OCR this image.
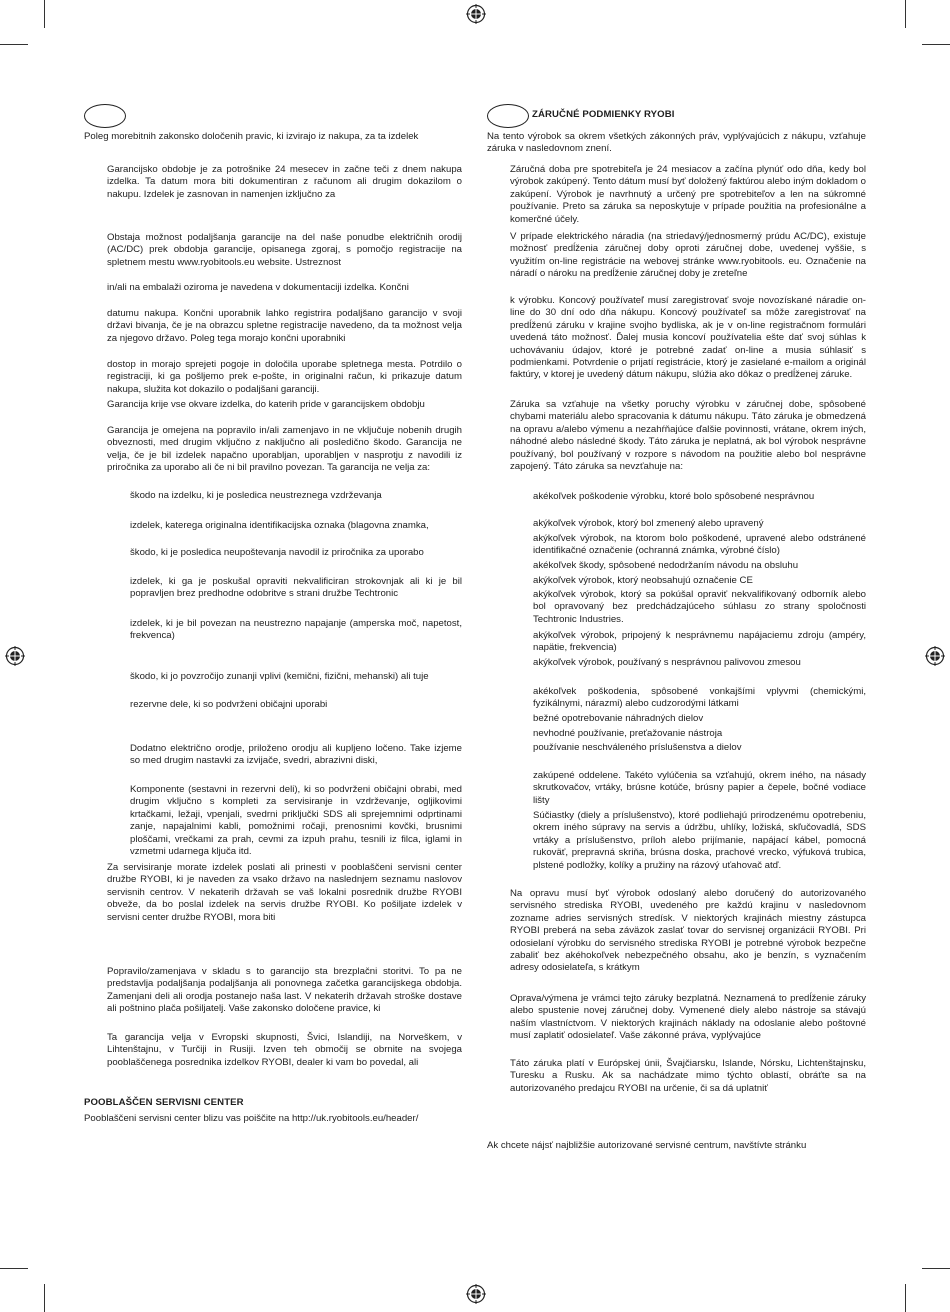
Poleg morebitnih zakonsko določenih pravic, ki izvirajo iz nakupa, za ta izdelek

Garancijsko obdobje je za potrošnike 24 mesecev in začne teči z dnem nakupa izdelka. Ta datum mora biti dokumentiran z računom ali drugim dokazilom o nakupu. Izdelek je zasnovan in namenjen izključno za

Obstaja možnost podaljšanja garancije na del naše ponudbe električnih orodij (AC/DC) prek obdobja garancije, opisanega zgoraj, s pomočjo registracije na spletnem mestu www.ryobitools.eu website. Ustreznost

in/ali na embalaži oziroma je navedena v dokumentaciji izdelka. Končni

datumu nakupa. Končni uporabnik lahko registrira podaljšano garancijo v svoji državi bivanja, če je na obrazcu spletne registracije navedeno, da ta možnost velja za njegovo državo. Poleg tega morajo končni uporabniki

dostop in morajo sprejeti pogoje in določila uporabe spletnega mesta. Potrdilo o registraciji, ki ga pošljemo prek e-pošte, in originalni račun, ki prikazuje datum nakupa, služita kot dokazilo o podaljšani garanciji.

Garancija krije vse okvare izdelka, do katerih pride v garancijskem obdobju

Garancija je omejena na popravilo in/ali zamenjavo in ne vključuje nobenih drugih obveznosti, med drugim vključno z naključno ali posledično škodo. Garancija ne velja, če je bil izdelek napačno uporabljan, uporabljen v nasprotju z navodili iz priročnika za uporabo ali če ni bil pravilno povezan. Ta garancija ne velja za:

škodo na izdelku, ki je posledica neustreznega vzdrževanja

izdelek, katerega originalna identifikacijska oznaka (blagovna znamka,

škodo, ki je posledica neupoštevanja navodil iz priročnika za uporabo

izdelek, ki ga je poskušal opraviti nekvalificiran strokovnjak ali ki je bil popravljen brez predhodne odobritve s strani družbe Techtronic

izdelek, ki je bil povezan na neustrezno napajanje (amperska moč, napetost, frekvenca)

škodo, ki jo povzročijo zunanji vplivi (kemični, fizični, mehanski) ali tuje

rezervne dele, ki so podvrženi običajni uporabi

Dodatno električno orodje, priloženo orodju ali kupljeno ločeno. Take izjeme so med drugim nastavki za izvijače, svedri, abrazivni diski,

Komponente (sestavni in rezervni deli), ki so podvrženi običajni obrabi, med drugim vključno s kompleti za servisiranje in vzdrževanje, ogljikovimi krtačkami, ležaji, vpenjali, svedrni priključki SDS ali sprejemnimi odprtinami zanje, napajalnimi kabli, pomožnimi ročaji, prenosnimi kovčki, brusnimi ploščami, vrečkami za prah, cevmi za izpuh prahu, tesnili iz filca, iglami in vzmetmi udarnega ključa itd.

Za servisiranje morate izdelek poslati ali prinesti v pooblaščeni servisni center družbe RYOBI, ki je naveden za vsako državo na naslednjem seznamu naslovov servisnih centrov. V nekaterih državah se vaš lokalni posrednik družbe RYOBI obveže, da bo poslal izdelek na servis družbe RYOBI. Ko pošiljate izdelek v servisni center družbe RYOBI, mora biti

Popravilo/zamenjava v skladu s to garancijo sta brezplačni storitvi. To pa ne predstavlja podaljšanja podaljšanja ali ponovnega začetka garancijskega obdobja. Zamenjani deli ali orodja postanejo naša last. V nekaterih državah stroške dostave ali poštnino plača pošiljatelj. Vaše zakonsko določene pravice, ki

Ta garancija velja v Evropski skupnosti, Švici, Islandiji, na Norveškem, v Lihtenštajnu, v Turčiji in Rusiji. Izven teh območij se obrnite na svojega pooblaščenega posrednika izdelkov RYOBI, dealer ki vam bo povedal, ali

POOBLAŠČEN SERVISNI CENTER
Pooblaščeni servisni center blizu vas poiščite na http://uk.ryobitools.eu/header/
ZÁRUČNÉ PODMIENKY RYOBI

Na tento výrobok sa okrem všetkých zákonných práv, vyplývajúcich z nákupu, vzťahuje záruka v nasledovnom znení.

Záručná doba pre spotrebiteľa je 24 mesiacov a začína plynúť odo dňa, kedy bol výrobok zakúpený. Tento dátum musí byť doložený faktúrou alebo iným dokladom o zakúpení. Výrobok je navrhnutý a určený pre spotrebiteľov a len na súkromné používanie. Preto sa záruka sa neposkytuje v prípade použitia na profesionálne a komerčné účely.

V prípade elektrického náradia (na striedavý/jednosmerný prúdu AC/DC), existuje možnosť predĺženia záručnej doby oproti záručnej dobe, uvedenej vyššie, s využitím on-line registrácie na webovej stránke www.ryobitools. eu. Označenie na náradí o nároku na predĺženie záručnej doby je zreteľne

k výrobku. Koncový používateľ musí zaregistrovať svoje novozískané náradie on-line do 30 dní odo dňa nákupu. Koncový používateľ sa môže zaregistrovať na predĺženú záruku v krajine svojho bydliska, ak je v on-line registračnom formulári uvedená táto možnosť. Ďalej musia koncoví používatelia ešte dať svoj súhlas k uchovávaniu údajov, ktoré je potrebné zadať on-line a musia súhlasiť s podmienkami. Potvrdenie o prijatí registrácie, ktorý je zasielané e-mailom a originál faktúry, v ktorej je uvedený dátum nákupu, slúžia ako dôkaz o predĺženej záruke.

Záruka sa vzťahuje na všetky poruchy výrobku v záručnej dobe, spôsobené chybami materiálu alebo spracovania k dátumu nákupu. Táto záruka je obmedzená na opravu a/alebo výmenu a nezahŕňajúce ďalšie povinnosti, vrátane, okrem iných, náhodné alebo následné škody. Táto záruka je neplatná, ak bol výrobok nesprávne používaný, bol používaný v rozpore s návodom na použitie alebo bol nesprávne zapojený. Táto záruka sa nevzťahuje na:

akékoľvek poškodenie výrobku, ktoré bolo spôsobené nesprávnou

akýkoľvek výrobok, ktorý bol zmenený alebo upravený

akýkoľvek výrobok, na ktorom bolo poškodené, upravené alebo odstránené identifikačné označenie (ochranná známka, výrobné číslo)

akékoľvek škody, spôsobené nedodržaním návodu na obsluhu

akýkoľvek výrobok, ktorý neobsahujú označenie CE

akýkoľvek výrobok, ktorý sa pokúšal opraviť nekvalifikovaný odborník alebo bol opravovaný bez predchádzajúceho súhlasu zo strany spoločnosti Techtronic Industries.

akýkoľvek výrobok, pripojený k nesprávnemu napájaciemu zdroju (ampéry, napätie, frekvencia)

akýkoľvek výrobok, používaný s nesprávnou palivovou zmesou

akékoľvek poškodenia, spôsobené vonkajšími vplyvmi (chemickými, fyzikálnymi, nárazmi) alebo cudzorodými látkami

bežné opotrebovanie náhradných dielov

nevhodné používanie, preťažovanie nástroja

používanie neschváleného príslušenstva a dielov

zakúpené oddelene. Takéto vylúčenia sa vzťahujú, okrem iného, na násady skrutkovačov, vrtáky, brúsne kotúče, brúsny papier a čepele, bočné vodiace lišty

Súčiastky (diely a príslušenstvo), ktoré podliehajú prirodzenému opotrebeniu, okrem iného súpravy na servis a údržbu, uhlíky, ložiská, skľučovadlá, SDS vrtáky a príslušenstvo, príloh alebo prijímanie, napájací kábel, pomocná rukoväť, prepravná skriňa, brúsna doska, prachové vrecko, výfuková trubica, plstené podložky, kolíky a pružiny na rázový uťahovač atď.

Na opravu musí byť výrobok odoslaný alebo doručený do autorizovaného servisného strediska RYOBI, uvedeného pre každú krajinu v nasledovnom zozname adries servisných stredísk. V niektorých krajinách miestny zástupca RYOBI preberá na seba záväzok zaslať tovar do servisnej organizácii RYOBI. Pri odosielaní výrobku do servisného strediska RYOBI je potrebné výrobok bezpečne zabaliť bez akéhokoľvek nebezpečného obsahu, ako je benzín, s vyznačením adresy odosielateľa, s krátkym

Oprava/výmena je vrámci tejto záruky bezplatná. Neznamená to predĺženie záruky alebo spustenie novej záručnej doby. Vymenené diely alebo nástroje sa stávajú naším vlastníctvom. V niektorých krajinách náklady na odoslanie alebo poštovné musí zaplatiť odosielateľ. Vaše zákonné práva, vyplývajúce

Táto záruka platí v Európskej únii, Švajčiarsku, Islande, Nórsku, Lichtenštajnsku, Turesku a Rusku. Ak sa nachádzate mimo týchto oblastí, obráťte sa na autorizovaného predajcu RYOBI na určenie, či sa dá uplatniť

Ak chcete nájsť najbližšie autorizované servisné centrum, navštívte stránku
